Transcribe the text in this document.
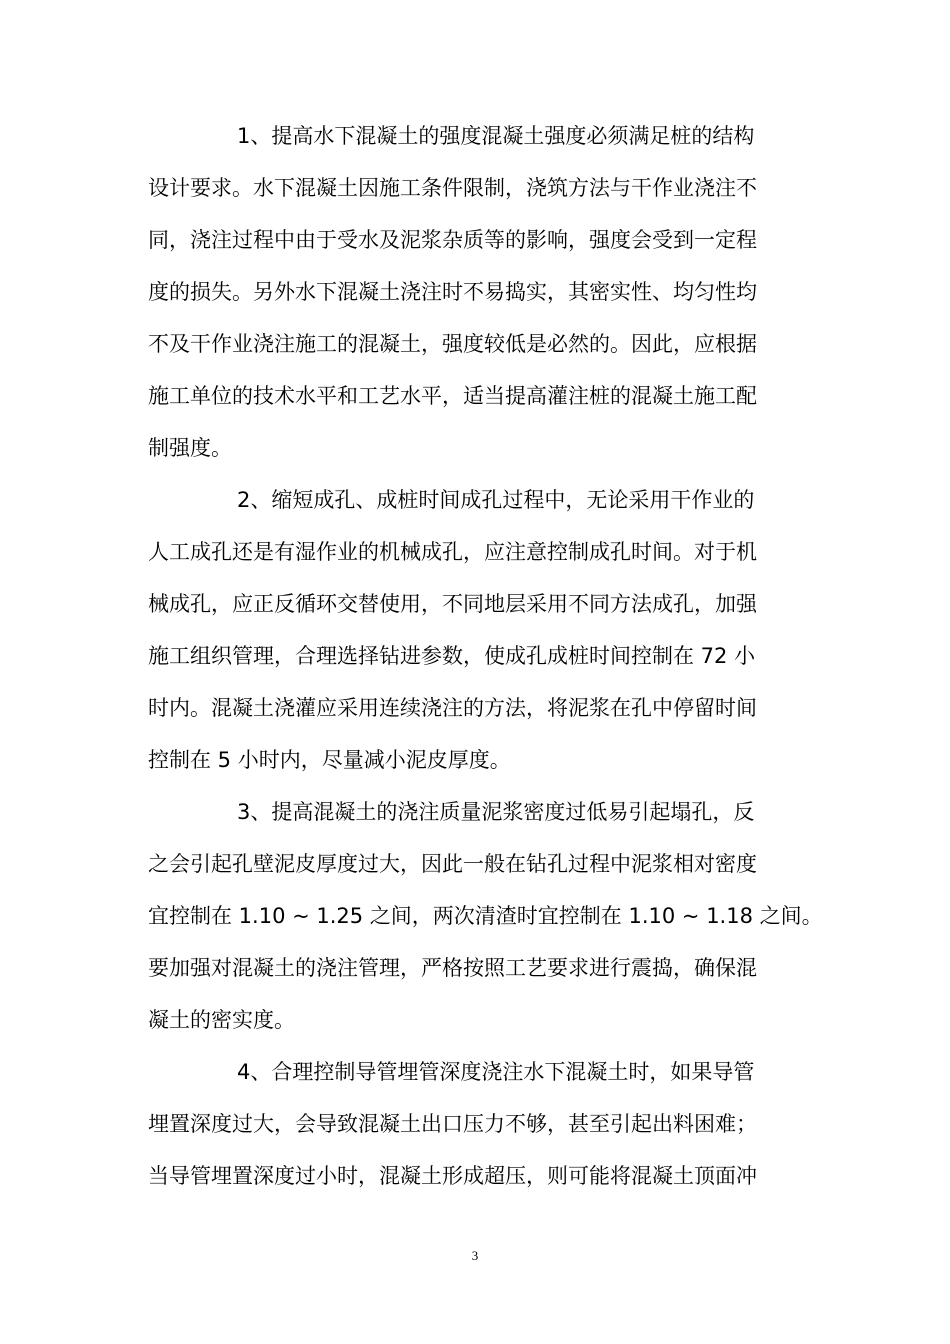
1、提高水下混凝土的强度混凝土强度必须满足桩的结构
设计要求。水下混凝土因施工条件限制，浇筑方法与干作业浇注不
同，浇注过程中由于受水及泥浆杂质等的影响，强度会受到一定程
度的损失。另外水下混凝土浇注时不易捣实，其密实性、均匀性均
不及干作业浇注施工的混凝土，强度较低是必然的。因此，应根据
施工单位的技术水平和工艺水平，适当提高灌注桩的混凝土施工配
制强度。
2、缩短成孔、成桩时间成孔过程中，无论采用干作业的
人工成孔还是有湿作业的机械成孔，应注意控制成孔时间。对于机
械成孔，应正反循环交替使用，不同地层采用不同方法成孔，加强
施工组织管理，合理选择钻进参数，使成孔成桩时间控制在 72 小
时内。混凝土浇灌应采用连续浇注的方法，将泥浆在孔中停留时间
控制在 5 小时内，尽量减小泥皮厚度。
3、提高混凝土的浇注质量泥浆密度过低易引起塌孔，反
之会引起孔壁泥皮厚度过大，因此一般在钻孔过程中泥浆相对密度
宜控制在 1.10 ~ 1.25 之间，两次清渣时宜控制在 1.10 ~ 1.18 之间。
要加强对混凝土的浇注管理，严格按照工艺要求进行震捣，确保混
凝土的密实度。
4、合理控制导管埋管深度浇注水下混凝土时，如果导管
埋置深度过大，会导致混凝土出口压力不够，甚至引起出料困难；
当导管埋置深度过小时，混凝土形成超压，则可能将混凝土顶面冲
3
